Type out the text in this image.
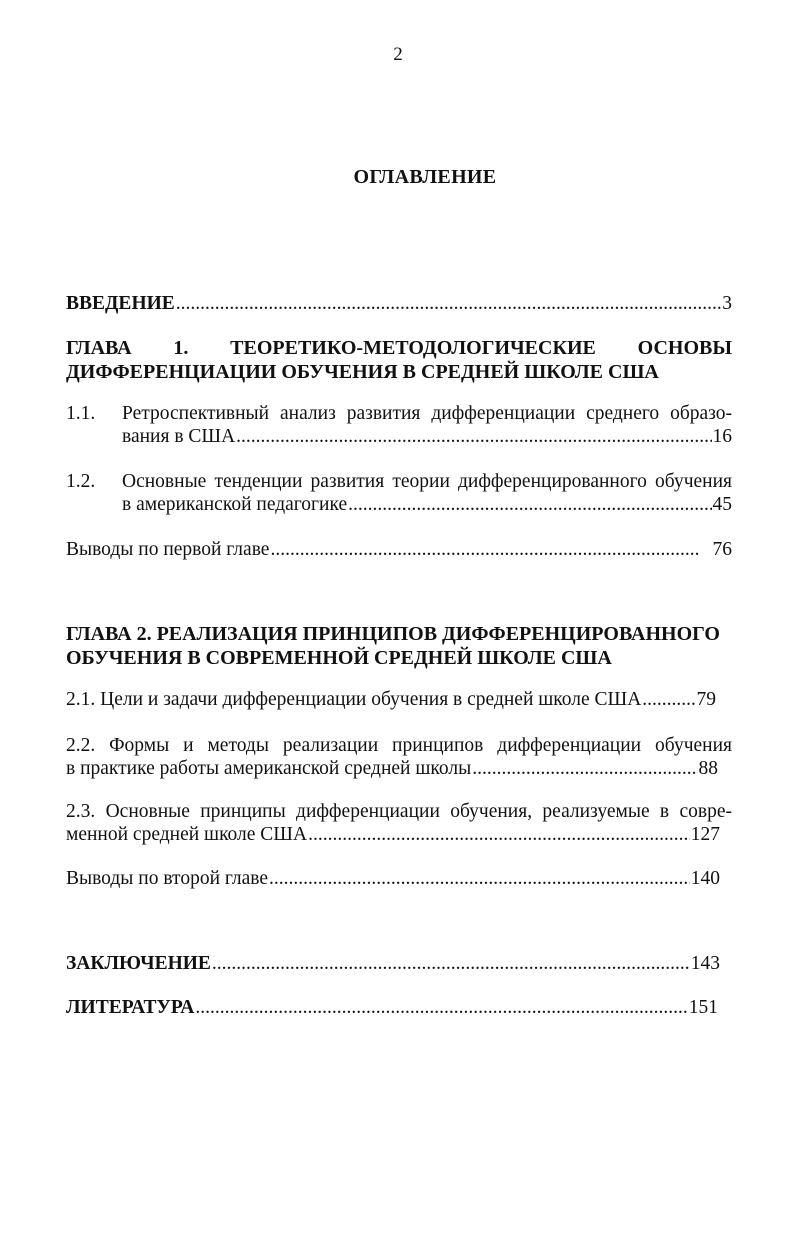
2
ОГЛАВЛЕНИЕ
ВВЕДЕНИЕ .....	3
ГЛАВА 1. ТЕОРЕТИКО-МЕТОДОЛОГИЧЕСКИЕ ОСНОВЫ
ДИФФЕРЕНЦИАЦИИ ОБУЧЕНИЯ В СРЕДНЕЙ ШКОЛЕ США
1.1. Ретроспективный анализ развития дифференциации среднего образо-
вания в США .....	16
1.2. Основные тенденции развития теории дифференцированного обучения
в американской педагогике .....	45
Выводы по первой главе .....	76
ГЛАВА 2. РЕАЛИЗАЦИЯ ПРИНЦИПОВ ДИФФЕРЕНЦИРОВАННОГО
ОБУЧЕНИЯ В СОВРЕМЕННОЙ СРЕДНЕЙ ШКОЛЕ США
2.1. Цели и задачи дифференциации обучения в средней школе США .....	79
2.2. Формы и методы реализации принципов дифференциации обучения
в практике работы американской средней школы .....	88
2.3. Основные принципы дифференциации обучения, реализуемые в совре-
менной средней школе США .....	127
Выводы по второй главе .....	140
ЗАКЛЮЧЕНИЕ .....	143
ЛИТЕРАТУРА .....	151
